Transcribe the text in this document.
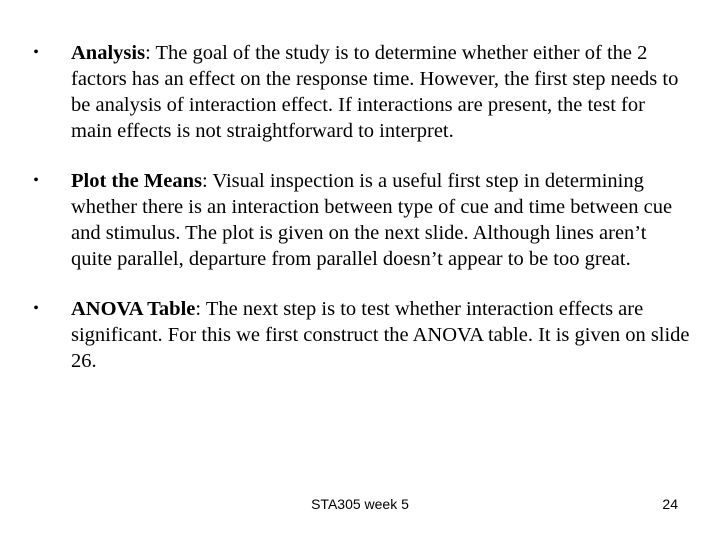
• Analysis: The goal of the study is to determine whether either of the 2 factors has an effect on the response time. However, the first step needs to be analysis of interaction effect. If interactions are present, the test for main effects is not straightforward to interpret.
• Plot the Means: Visual inspection is a useful first step in determining whether there is an interaction between type of cue and time between cue and stimulus. The plot is given on the next slide. Although lines aren’t quite parallel, departure from parallel doesn’t appear to be too great.
• ANOVA Table: The next step is to test whether interaction effects are significant. For this we first construct the ANOVA table. It is given on slide 26.
STA305 week 5	24
